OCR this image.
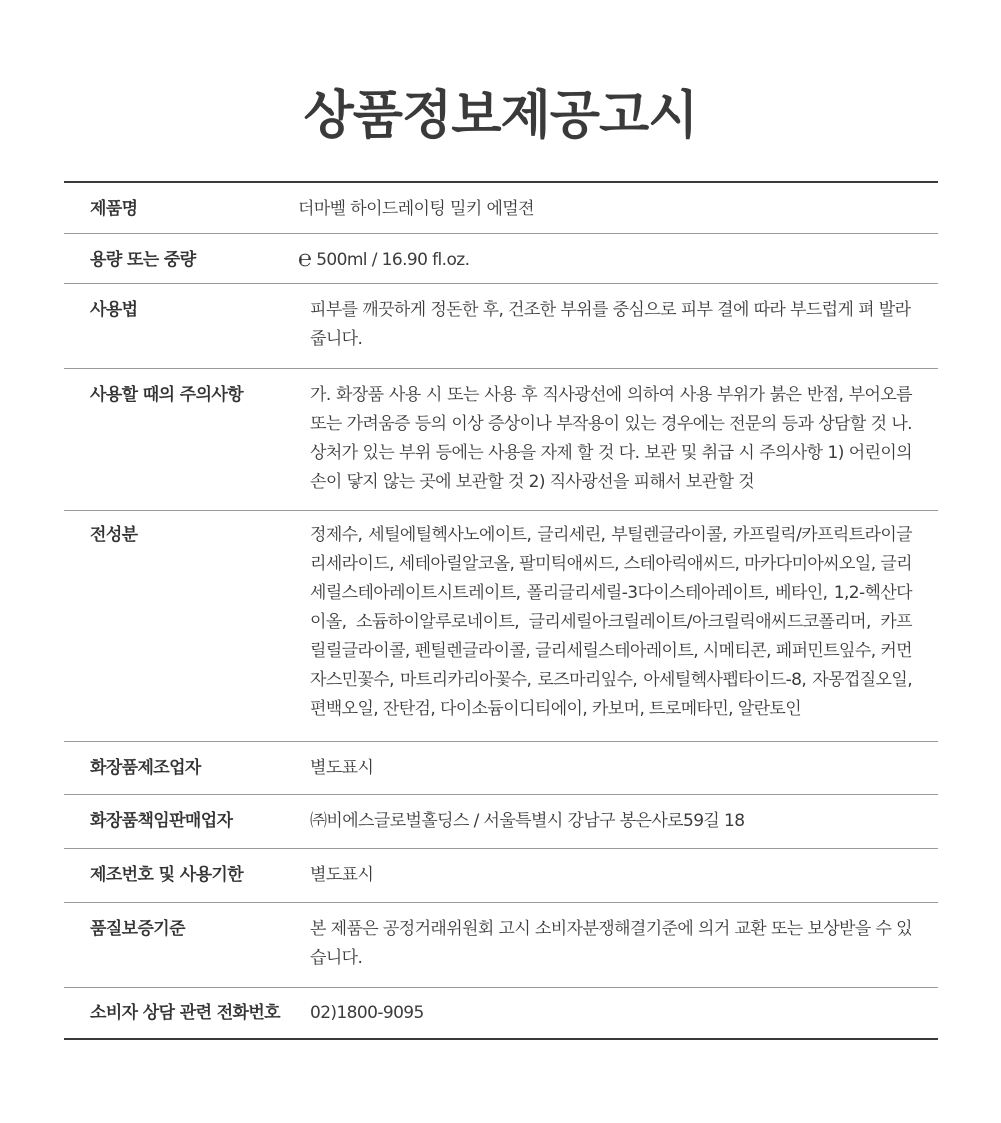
상품정보제공고시
제품명	더마벨 하이드레이팅 밀키 에멀젼
용량 또는 중량	℮ 500ml / 16.90 fl.oz.
사용법	피부를 깨끗하게 정돈한 후, 건조한 부위를 중심으로 피부 결에 따라 부드럽게 펴 발라줍니다.
사용할 때의 주의사항	가. 화장품 사용 시 또는 사용 후 직사광선에 의하여 사용 부위가 붉은 반점, 부어오름 또는 가려움증 등의 이상 증상이나 부작용이 있는 경우에는 전문의 등과 상담할 것 나. 상처가 있는 부위 등에는 사용을 자제 할 것 다. 보관 및 취급 시 주의사항 1) 어린이의 손이 닿지 않는 곳에 보관할 것 2) 직사광선을 피해서 보관할 것
전성분	정제수, 세틸에틸헥사노에이트, 글리세린, 부틸렌글라이콜, 카프릴릭/카프릭트라이글리세라이드, 세테아릴알코올, 팔미틱애씨드, 스테아릭애씨드, 마카다미아씨오일, 글리세릴스테아레이트시트레이트, 폴리글리세릴-3다이스테아레이트, 베타인, 1,2-헥산다이올, 소듐하이알루로네이트, 글리세릴아크릴레이트/아크릴릭애씨드코폴리머, 카프릴릴글라이콜, 펜틸렌글라이콜, 글리세릴스테아레이트, 시메티콘, 페퍼민트잎수, 커먼자스민꽃수, 마트리카리아꽃수, 로즈마리잎수, 아세틸헥사펩타이드-8, 자몽껍질오일, 편백오일, 잔탄검, 다이소듐이디티에이, 카보머, 트로메타민, 알란토인
화장품제조업자	별도표시
화장품책임판매업자	㈜비에스글로벌홀딩스 / 서울특별시 강남구 봉은사로59길 18
제조번호 및 사용기한	별도표시
품질보증기준	본 제품은 공정거래위원회 고시 소비자분쟁해결기준에 의거 교환 또는 보상받을 수 있습니다.
소비자 상담 관련 전화번호	02)1800-9095
